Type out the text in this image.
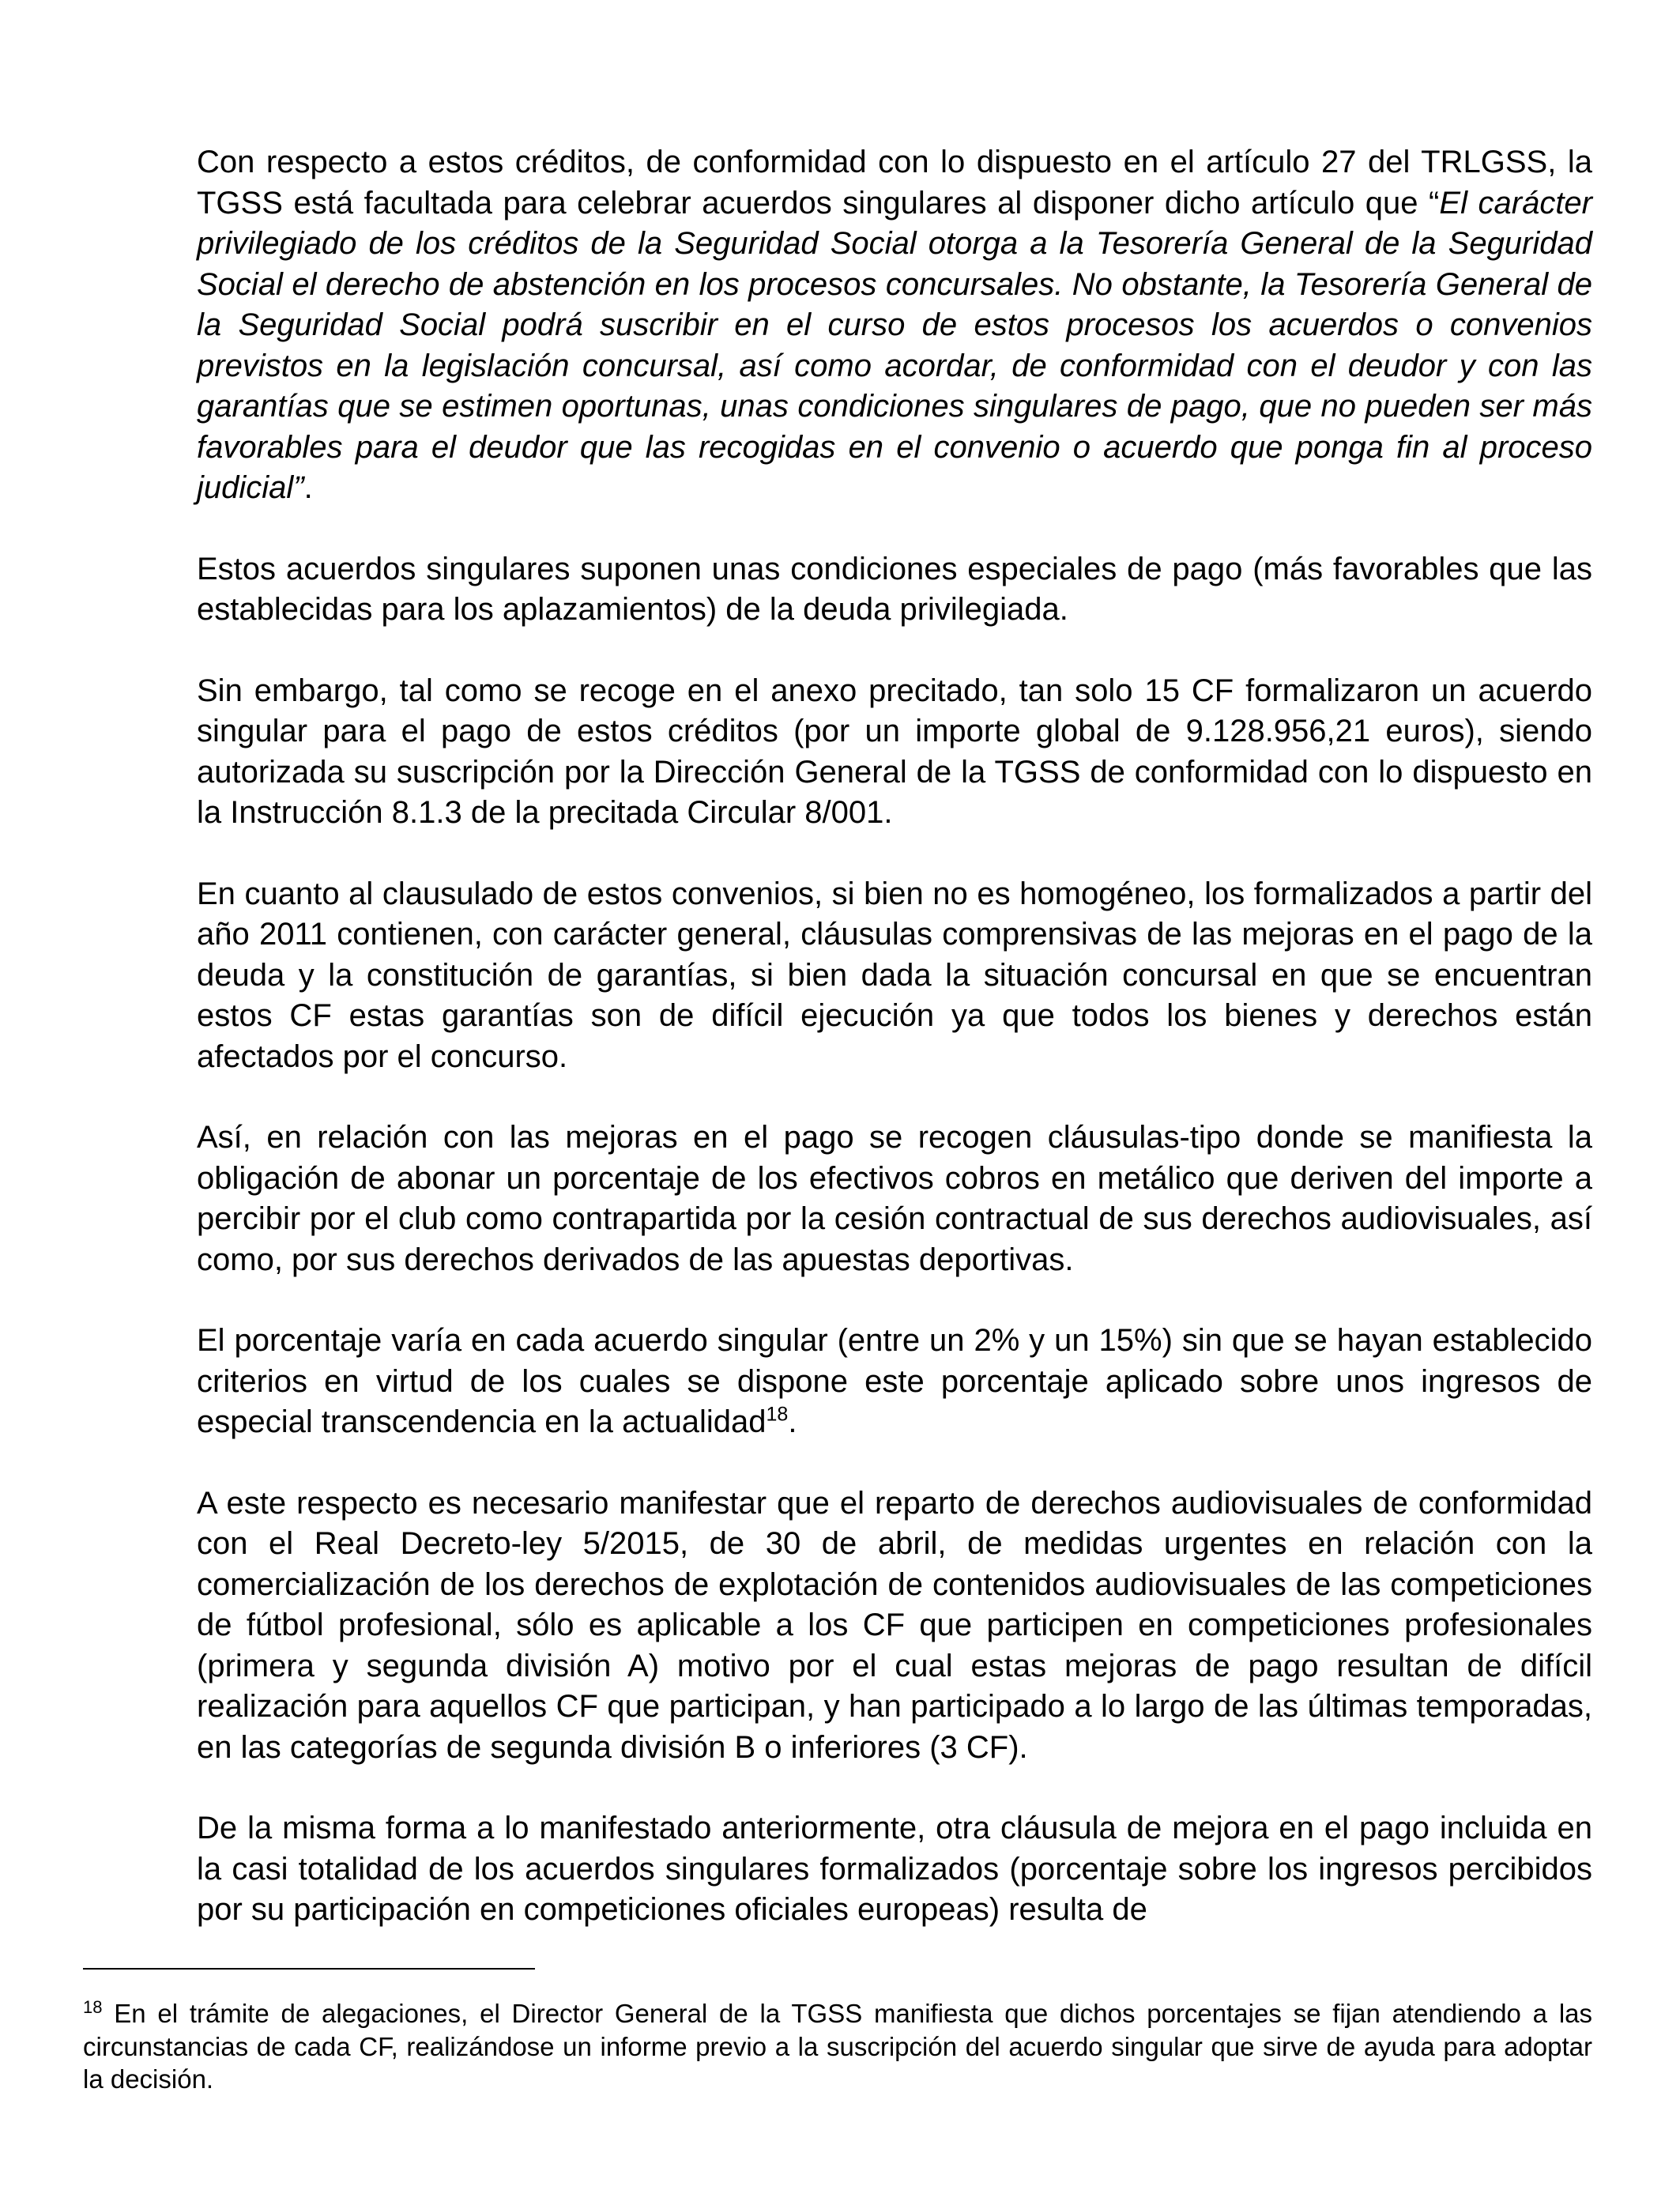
Con respecto a estos créditos, de conformidad con lo dispuesto en el artículo 27 del TRLGSS, la TGSS está facultada para celebrar acuerdos singulares al disponer dicho artículo que “El carácter privilegiado de los créditos de la Seguridad Social otorga a la Tesorería General de la Seguridad Social el derecho de abstención en los procesos concursales. No obstante, la Tesorería General de la Seguridad Social podrá suscribir en el curso de estos procesos los acuerdos o convenios previstos en la legislación concursal, así como acordar, de conformidad con el deudor y con las garantías que se estimen oportunas, unas condiciones singulares de pago, que no pueden ser más favorables para el deudor que las recogidas en el convenio o acuerdo que ponga fin al proceso judicial”.

Estos acuerdos singulares suponen unas condiciones especiales de pago (más favorables que las establecidas para los aplazamientos) de la deuda privilegiada.

Sin embargo, tal como se recoge en el anexo precitado, tan solo 15 CF formalizaron un acuerdo singular para el pago de estos créditos (por un importe global de 9.128.956,21 euros), siendo autorizada su suscripción por la Dirección General de la TGSS de conformidad con lo dispuesto en la Instrucción 8.1.3 de la precitada Circular 8/001.

En cuanto al clausulado de estos convenios, si bien no es homogéneo, los formalizados a partir del año 2011 contienen, con carácter general, cláusulas comprensivas de las mejoras en el pago de la deuda y la constitución de garantías, si bien dada la situación concursal en que se encuentran estos CF estas garantías son de difícil ejecución ya que todos los bienes y derechos están afectados por el concurso.

Así, en relación con las mejoras en el pago se recogen cláusulas-tipo donde se manifiesta la obligación de abonar un porcentaje de los efectivos cobros en metálico que deriven del importe a percibir por el club como contrapartida por la cesión contractual de sus derechos audiovisuales, así como, por sus derechos derivados de las apuestas deportivas.

El porcentaje varía en cada acuerdo singular (entre un 2% y un 15%) sin que se hayan establecido criterios en virtud de los cuales se dispone este porcentaje aplicado sobre unos ingresos de especial transcendencia en la actualidad$^{18}$.

A este respecto es necesario manifestar que el reparto de derechos audiovisuales de conformidad con el Real Decreto-ley 5/2015, de 30 de abril, de medidas urgentes en relación con la comercialización de los derechos de explotación de contenidos audiovisuales de las competiciones de fútbol profesional, sólo es aplicable a los CF que participen en competiciones profesionales (primera y segunda división A) motivo por el cual estas mejoras de pago resultan de difícil realización para aquellos CF que participan, y han participado a lo largo de las últimas temporadas, en las categorías de segunda división B o inferiores (3 CF).

De la misma forma a lo manifestado anteriormente, otra cláusula de mejora en el pago incluida en la casi totalidad de los acuerdos singulares formalizados (porcentaje sobre los ingresos percibidos por su participación en competiciones oficiales europeas) resulta de

$^{18}$ En el trámite de alegaciones, el Director General de la TGSS manifiesta que dichos porcentajes se fijan atendiendo a las circunstancias de cada CF, realizándose un informe previo a la suscripción del acuerdo singular que sirve de ayuda para adoptar la decisión.
